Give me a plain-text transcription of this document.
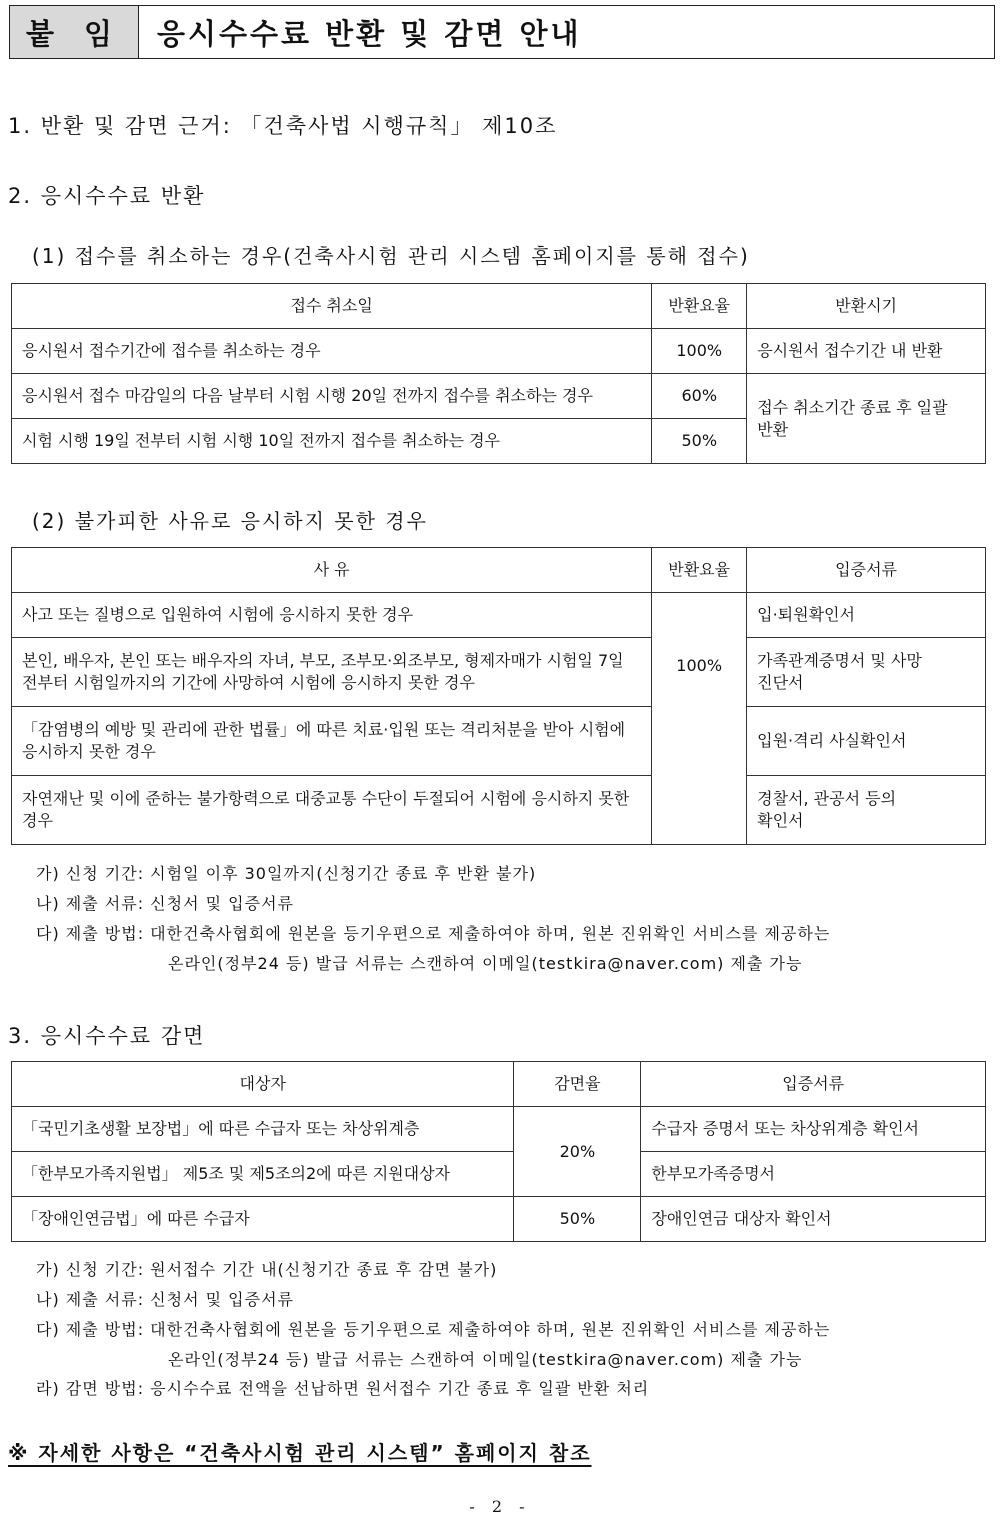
붙 임	응시수수료 반환 및 감면 안내
1. 반환 및 감면 근거: 「건축사법 시행규칙」 제10조
2. 응시수수료 반환
(1) 접수를 취소하는 경우(건축사시험 관리 시스템 홈페이지를 통해 접수)
접수 취소일	반환요율	반환시기
응시원서 접수기간에 접수를 취소하는 경우	100%	응시원서 접수기간 내 반환
응시원서 접수 마감일의 다음 날부터 시험 시행 20일 전까지 접수를 취소하는 경우	60%	접수 취소기간 종료 후 일괄 반환
시험 시행 19일 전부터 시험 시행 10일 전까지 접수를 취소하는 경우	50%	
(2) 불가피한 사유로 응시하지 못한 경우
사 유	반환요율	입증서류
사고 또는 질병으로 입원하여 시험에 응시하지 못한 경우	100%	입·퇴원확인서
본인, 배우자, 본인 또는 배우자의 자녀, 부모, 조부모·외조부모, 형제자매가 시험일 7일 전부터 시험일까지의 기간에 사망하여 시험에 응시하지 못한 경우		가족관계증명서 및 사망진단서
「감염병의 예방 및 관리에 관한 법률」에 따른 치료·입원 또는 격리처분을 받아 시험에 응시하지 못한 경우		입원·격리 사실확인서
자연재난 및 이에 준하는 불가항력으로 대중교통 수단이 두절되어 시험에 응시하지 못한 경우		경찰서, 관공서 등의 확인서
가) 신청 기간: 시험일 이후 30일까지(신청기간 종료 후 반환 불가)
나) 제출 서류: 신청서 및 입증서류
다) 제출 방법: 대한건축사협회에 원본을 등기우편으로 제출하여야 하며, 원본 진위확인 서비스를 제공하는
온라인(정부24 등) 발급 서류는 스캔하여 이메일(testkira@naver.com) 제출 가능
3. 응시수수료 감면
대상자	감면율	입증서류
「국민기초생활 보장법」에 따른 수급자 또는 차상위계층	20%	수급자 증명서 또는 차상위계층 확인서
「한부모가족지원법」 제5조 및 제5조의2에 따른 지원대상자		한부모가족증명서
「장애인연금법」에 따른 수급자	50%	장애인연금 대상자 확인서
가) 신청 기간: 원서접수 기간 내(신청기간 종료 후 감면 불가)
나) 제출 서류: 신청서 및 입증서류
다) 제출 방법: 대한건축사협회에 원본을 등기우편으로 제출하여야 하며, 원본 진위확인 서비스를 제공하는
온라인(정부24 등) 발급 서류는 스캔하여 이메일(testkira@naver.com) 제출 가능
라) 감면 방법: 응시수수료 전액을 선납하면 원서접수 기간 종료 후 일괄 반환 처리
※ 자세한 사항은 “건축사시험 관리 시스템” 홈페이지 참조
- 2 -
